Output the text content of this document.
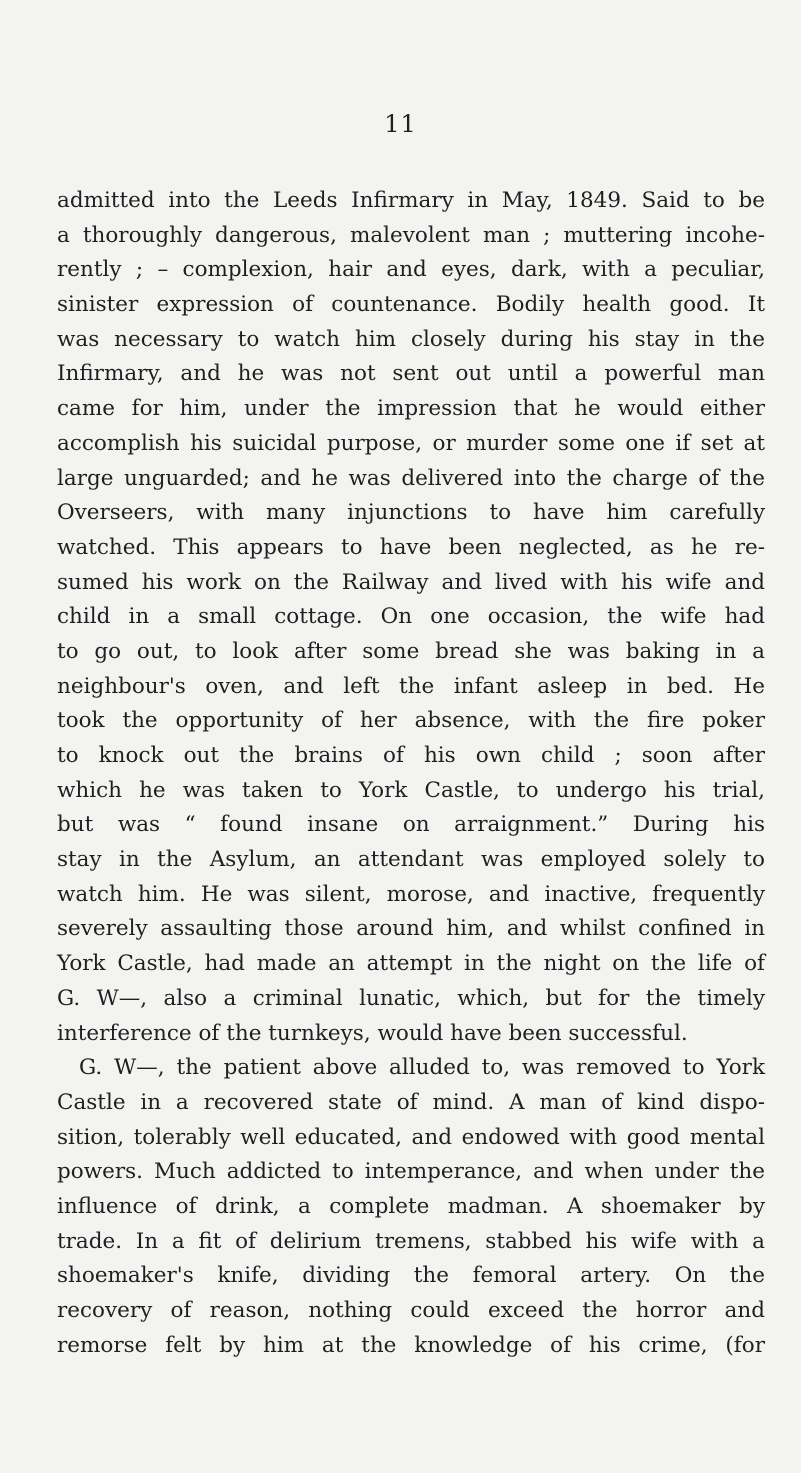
11
admitted into the Leeds Infirmary in May, 1849. Said to be
a thoroughly dangerous, malevolent man ; muttering incohe-
rently ; – complexion, hair and eyes, dark, with a peculiar,
sinister expression of countenance. Bodily health good. It
was necessary to watch him closely during his stay in the
Infirmary, and he was not sent out until a powerful man
came for him, under the impression that he would either
accomplish his suicidal purpose, or murder some one if set at
large unguarded; and he was delivered into the charge of the
Overseers, with many injunctions to have him carefully
watched. This appears to have been neglected, as he re-
sumed his work on the Railway and lived with his wife and
child in a small cottage. On one occasion, the wife had
to go out, to look after some bread she was baking in a
neighbour's oven, and left the infant asleep in bed. He
took the opportunity of her absence, with the fire poker
to knock out the brains of his own child ; soon after
which he was taken to York Castle, to undergo his trial,
but was “ found insane on arraignment.” During his
stay in the Asylum, an attendant was employed solely to
watch him. He was silent, morose, and inactive, frequently
severely assaulting those around him, and whilst confined in
York Castle, had made an attempt in the night on the life of
G. W—, also a criminal lunatic, which, but for the timely
interference of the turnkeys, would have been successful.
G. W—, the patient above alluded to, was removed to York
Castle in a recovered state of mind. A man of kind dispo-
sition, tolerably well educated, and endowed with good mental
powers. Much addicted to intemperance, and when under the
influence of drink, a complete madman. A shoemaker by
trade. In a fit of delirium tremens, stabbed his wife with a
shoemaker's knife, dividing the femoral artery. On the
recovery of reason, nothing could exceed the horror and
remorse felt by him at the knowledge of his crime, (for
